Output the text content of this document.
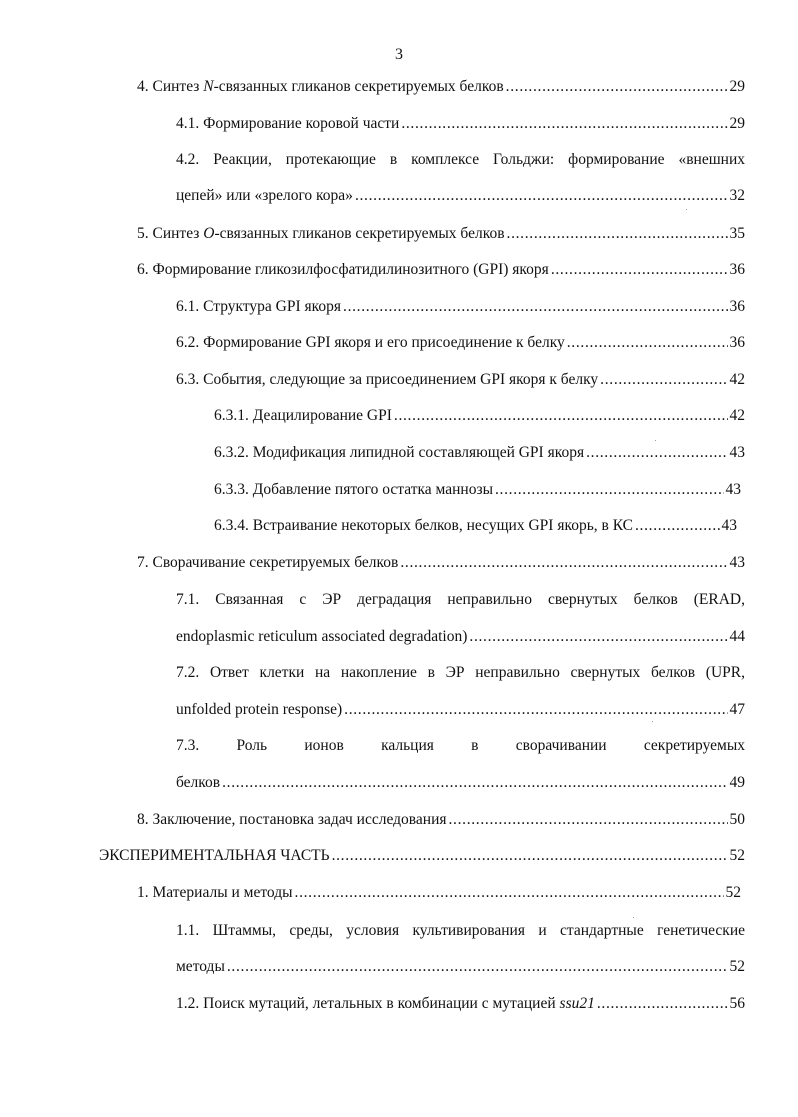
3
4. Синтез N-связанных гликанов секретируемых белков . . .	29
4.1. Формирование коровой части . . .	29
4.2. Реакции, протекающие в комплексе Гольджи: формирование «внешних
цепей» или «зрелого кора» . . .	32
5. Синтез O-связанных гликанов секретируемых белков . . .	35
6. Формирование гликозилфосфатидилинозитного (GPI) якоря . . .	36
6.1. Структура GPI якоря . . .	36
6.2. Формирование GPI якоря и его присоединение к белку . . .	36
6.3. События, следующие за присоединением GPI якоря к белку . . .	42
6.3.1. Деацилирование GPI . . .	42
6.3.2. Модификация липидной составляющей GPI якоря . . .	43
6.3.3. Добавление пятого остатка маннозы . . .	43
6.3.4. Встраивание некоторых белков, несущих GPI якорь, в КС . . .	43
7. Сворачивание секретируемых белков . . .	43
7.1. Связанная с ЭР деградация неправильно свернутых белков (ERAD,
endoplasmic reticulum associated degradation) . . .	44
7.2. Ответ клетки на накопление в ЭР неправильно свернутых белков (UPR,
unfolded protein response) . . .	47
7.3. Роль ионов кальция в сворачивании секретируемых
белков . . .	49
8. Заключение, постановка задач исследования . . .	50
ЭКСПЕРИМЕНТАЛЬНАЯ ЧАСТЬ . . .	52
1. Материалы и методы . . .	52
1.1. Штаммы, среды, условия культивирования и стандартные генетические
методы . . .	52
1.2. Поиск мутаций, летальных в комбинации с мутацией ssu21 . . .	56
